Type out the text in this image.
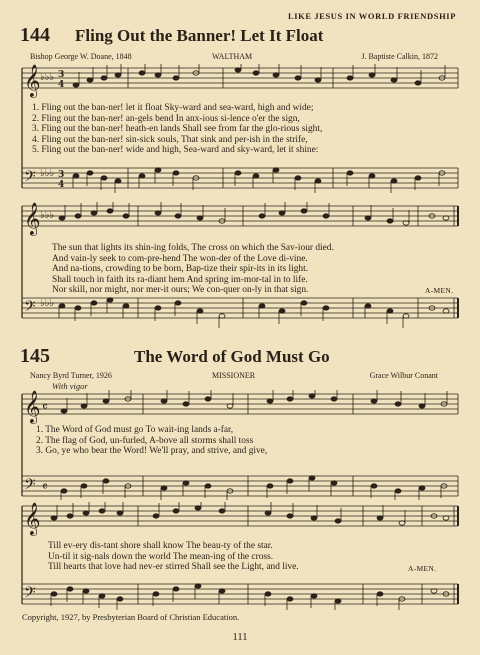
LIKE JESUS IN WORLD FRIENDSHIP
144 Fling Out the Banner! Let It Float
Bishop George W. Doane, 1848	WALTHAM	J. Baptiste Calkin, 1872
𝄞
𝄢
♭♭♭
♭♭♭
3
4
3
4
1. Fling out the ban-ner! let it float Sky-ward and sea-ward, high and wide;
2. Fling out the ban-ner! an-gels bend In anx-ious si-lence o'er the sign,
3. Fling out the ban-ner! heath-en lands Shall see from far the glo-rious sight,
4. Fling out the ban-ner! sin-sick souls, That sink and per-ish in the strife,
5. Fling out the ban-ner! wide and high, Sea-ward and sky-ward, let it shine:
𝄞
𝄢
♭♭♭
♭♭♭
The sun that lights its shin-ing folds, The cross on which the Sav-iour died.
And vain-ly seek to com-pre-hend The won-der of the Love di-vine.
And na-tions, crowding to be born, Bap-tize their spir-its in its light.
Shall touch in faith its ra-diant hem And spring im-mor-tal in to life.
Nor skill, nor might, nor mer-it ours; We con-quer on-ly in that sign.	A-MEN.
145	The Word of God Must Go
Nancy Byrd Turner, 1926	MISSIONER	Grace Wilbur Conant
With vigor
𝄞
𝄢
𝄴
𝄴
1. The Word of God must go To wait-ing lands a-far,
2. The flag of God, un-furled, A-bove all storms shall toss
3. Go, ye who bear the Word! We'll pray, and strive, and give,
𝄞
𝄢
Till ev-ery dis-tant shore shall know The beau-ty of the star.
Un-til it sig-nals down the world The mean-ing of the cross.
Till hearts that love had nev-er stirred Shall see the Light, and live.	A-MEN.
Copyright, 1927, by Presbyterian Board of Christian Education.
111
